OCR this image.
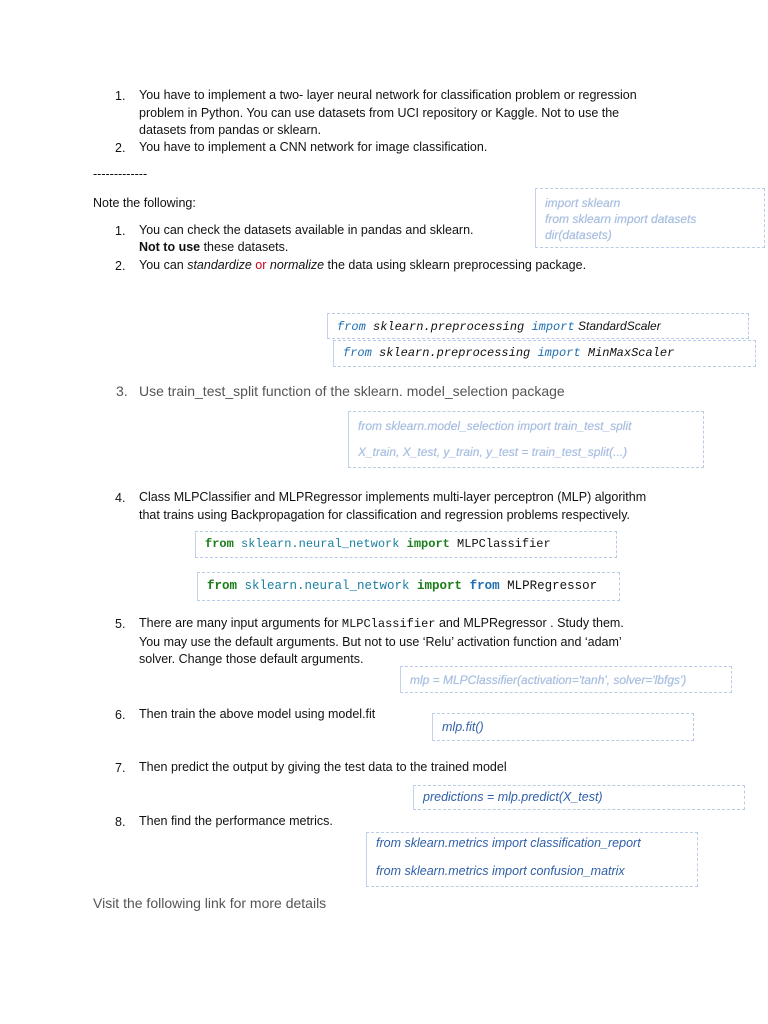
1. You have to implement a two- layer neural network for classification problem or regression
problem in Python. You can use datasets from UCI repository or Kaggle. Not to use the
datasets from pandas or sklearn.
2. You have to implement a CNN network for image classification.
-------------
Note the following:	import sklearn
from sklearn import datasets
dir(datasets)
1. You can check the datasets available in pandas and sklearn.
Not to use these datasets.
2. You can standardize or normalize the data using sklearn preprocessing package.
from sklearn.preprocessing import StandardScaler
from sklearn.preprocessing import MinMaxScaler
3. Use train_test_split function of the sklearn. model_selection package
from sklearn.model_selection import train_test_split
X_train, X_test, y_train, y_test = train_test_split(...)
4. Class MLPClassifier and MLPRegressor implements multi-layer perceptron (MLP) algorithm
that trains using Backpropagation for classification and regression problems respectively.
from sklearn.neural_network import MLPClassifier
from sklearn.neural_network import from MLPRegressor
5. There are many input arguments for MLPClassifier and MLPRegressor . Study them.
You may use the default arguments. But not to use ‘Relu’ activation function and ‘adam’
solver. Change those default arguments.
mlp = MLPClassifier(activation='tanh', solver='lbfgs')
6. Then train the above model using model.fit
mlp.fit()
7. Then predict the output by giving the test data to the trained model
predictions = mlp.predict(X_test)
8. Then find the performance metrics.
from sklearn.metrics import classification_report
from sklearn.metrics import confusion_matrix
Visit the following link for more details
